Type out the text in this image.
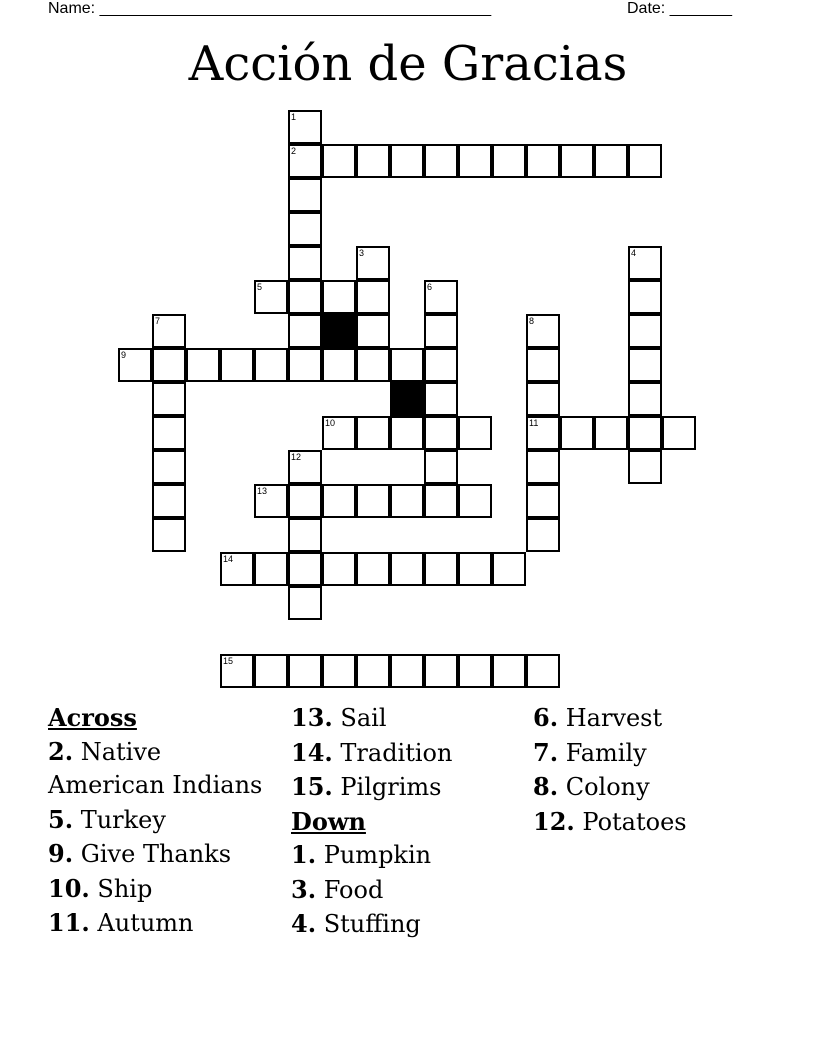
Name: ____________________________________________	Date: _______
Acción de Gracias
1
2
3	4
5	6
7	8
11
9
10
12
13
14
15
Across
2. Native American Indians
5. Turkey
9. Give Thanks
10. Ship
11. Autumn
13. Sail
14. Tradition
15. Pilgrims
Down
1. Pumpkin
3. Food
4. Stuffing
6. Harvest
7. Family
8. Colony
12. Potatoes
